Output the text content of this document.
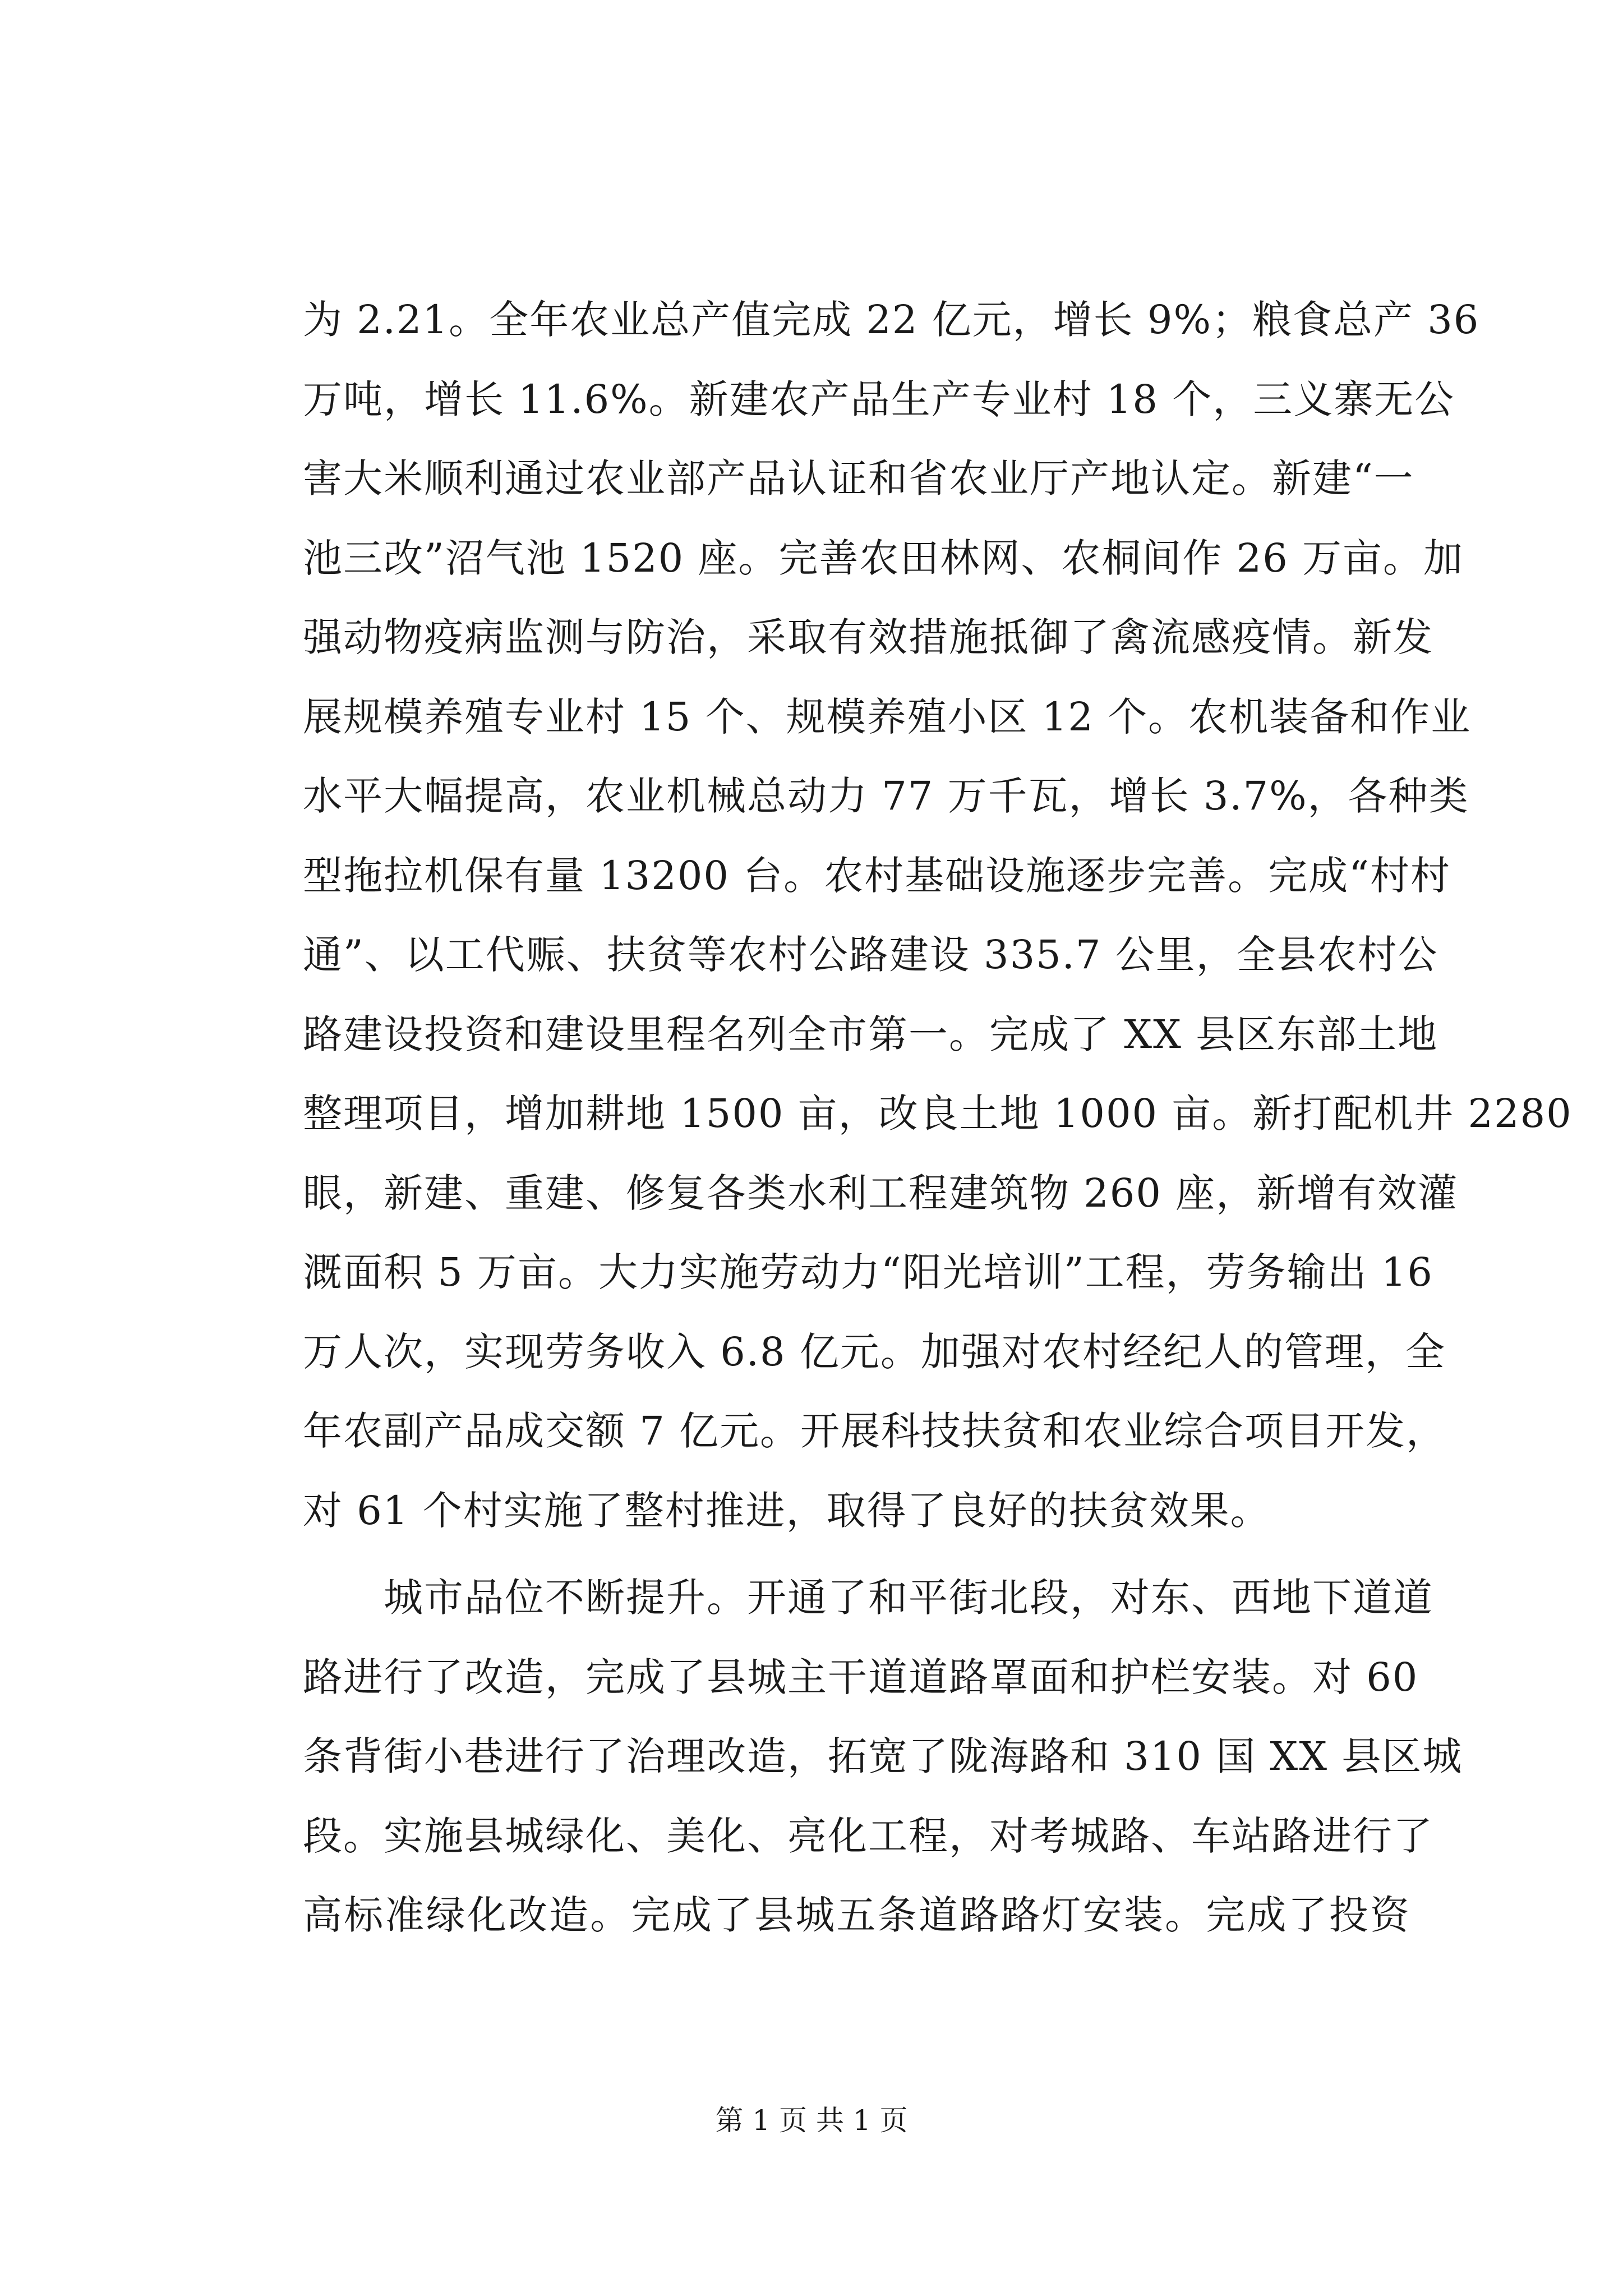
为 2.21。全年农业总产值完成 22 亿元，增长 9%；粮食总产 36
万吨，增长 11.6%。新建农产品生产专业村 18 个，三义寨无公
害大米顺利通过农业部产品认证和省农业厅产地认定。新建“一
池三改”沼气池 1520 座。完善农田林网、农桐间作 26 万亩。加
强动物疫病监测与防治，采取有效措施抵御了禽流感疫情。新发
展规模养殖专业村 15 个、规模养殖小区 12 个。农机装备和作业
水平大幅提高，农业机械总动力 77 万千瓦，增长 3.7%，各种类
型拖拉机保有量 13200 台。农村基础设施逐步完善。完成“村村
通”、以工代赈、扶贫等农村公路建设 335.7 公里，全县农村公
路建设投资和建设里程名列全市第一。完成了 XX 县区东部土地
整理项目，增加耕地 1500 亩，改良土地 1000 亩。新打配机井 2280
眼，新建、重建、修复各类水利工程建筑物 260 座，新增有效灌
溉面积 5 万亩。大力实施劳动力“阳光培训”工程，劳务输出 16
万人次，实现劳务收入 6.8 亿元。加强对农村经纪人的管理，全
年农副产品成交额 7 亿元。开展科技扶贫和农业综合项目开发，
对 61 个村实施了整村推进，取得了良好的扶贫效果。
　　城市品位不断提升。开通了和平街北段，对东、西地下道道
路进行了改造，完成了县城主干道道路罩面和护栏安装。对 60
条背街小巷进行了治理改造，拓宽了陇海路和 310 国 XX 县区城
段。实施县城绿化、美化、亮化工程，对考城路、车站路进行了
高标准绿化改造。完成了县城五条道路路灯安装。完成了投资
第 1 页 共 1 页
